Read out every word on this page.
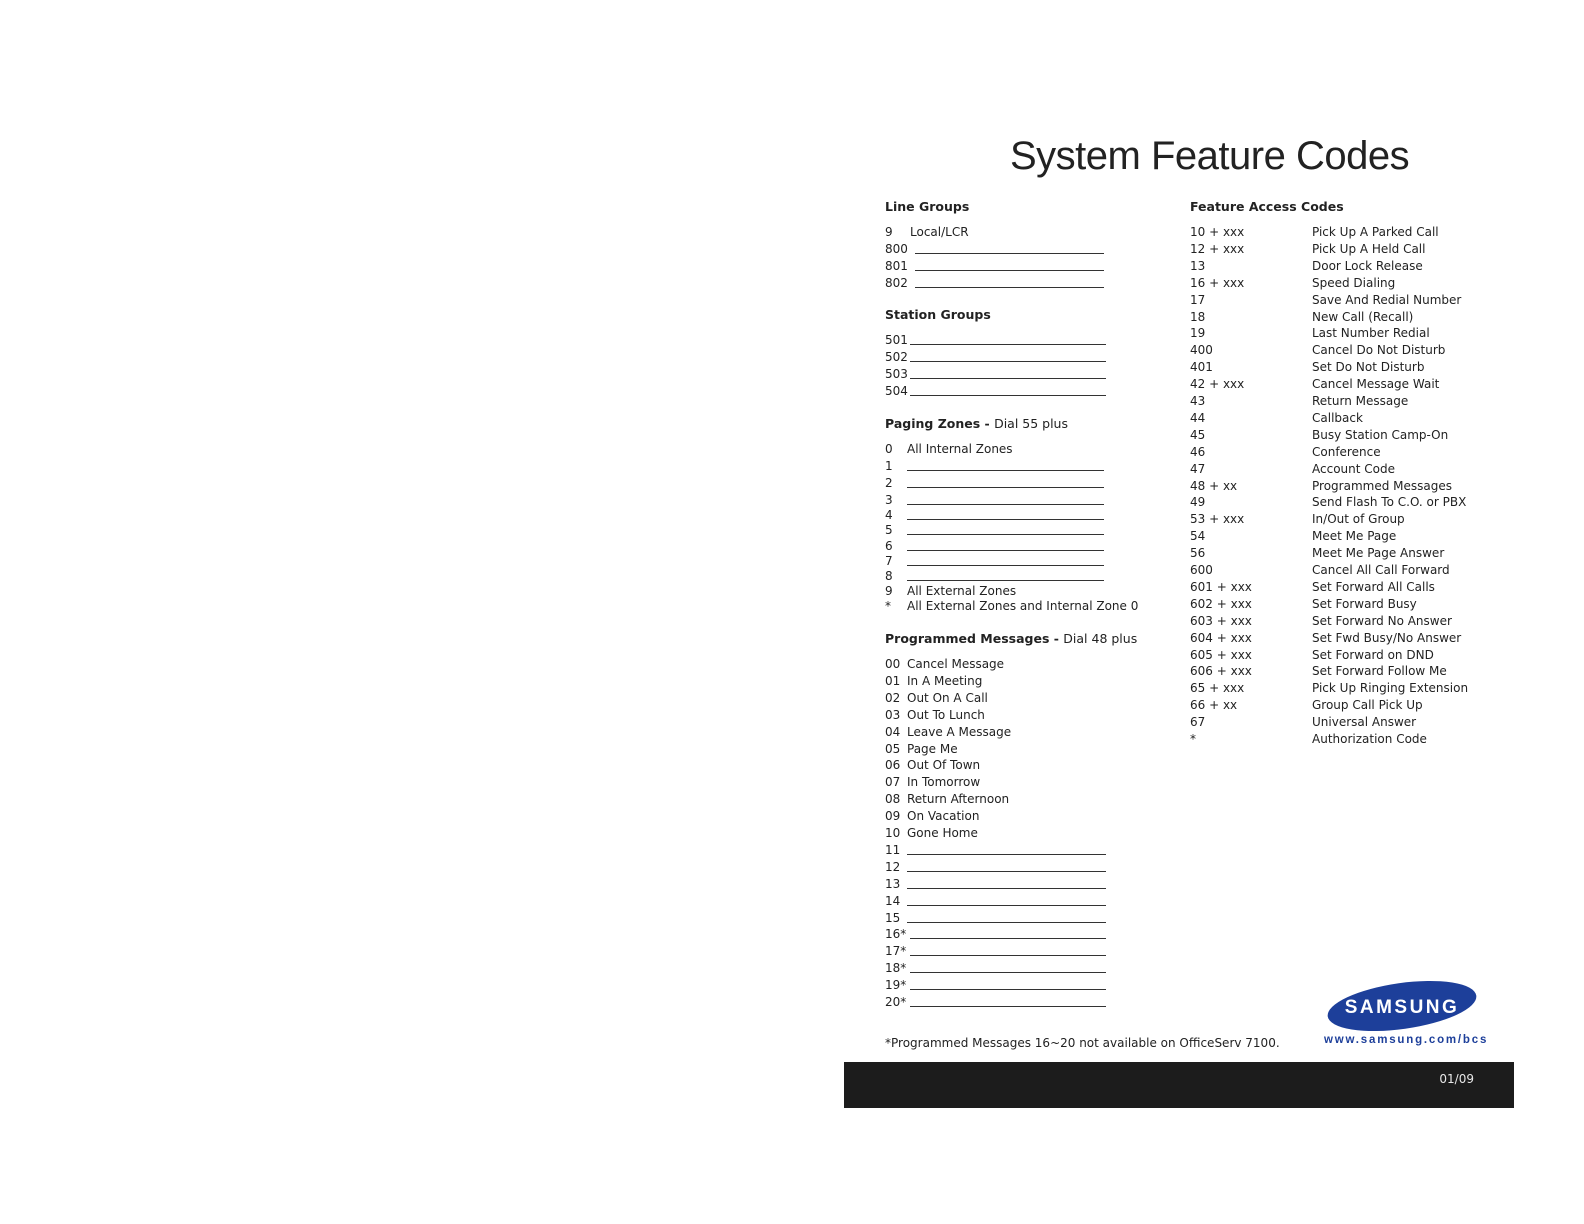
System Feature Codes
Line Groups
9 Local/LCR
800
801
802
Station Groups
501
502
503
504
Paging Zones - Dial 55 plus
0 All Internal Zones
1
2
3
4
5
6
7
8
9 All External Zones
* All External Zones and Internal Zone 0
Programmed Messages - Dial 48 plus
00 Cancel Message
01 In A Meeting
02 Out On A Call
03 Out To Lunch
04 Leave A Message
05 Page Me
06 Out Of Town
07 In Tomorrow
08 Return Afternoon
09 On Vacation
10 Gone Home
11
12
13
14
15
16*
17*
18*
19*
20*
Feature Access Codes
10 + xxx	Pick Up A Parked Call
12 + xxx	Pick Up A Held Call
13	Door Lock Release
16 + xxx	Speed Dialing
17	Save And Redial Number
18	New Call (Recall)
19	Last Number Redial
400	Cancel Do Not Disturb
401	Set Do Not Disturb
42 + xxx	Cancel Message Wait
43	Return Message
44	Callback
45	Busy Station Camp-On
46	Conference
47	Account Code
48 + xx	Programmed Messages
49	Send Flash To C.O. or PBX
53 + xxx	In/Out of Group
54	Meet Me Page
56	Meet Me Page Answer
600	Cancel All Call Forward
601 + xxx	Set Forward All Calls
602 + xxx	Set Forward Busy
603 + xxx	Set Forward No Answer
604 + xxx	Set Fwd Busy/No Answer
605 + xxx	Set Forward on DND
606 + xxx	Set Forward Follow Me
65 + xxx	Pick Up Ringing Extension
66 + xx	Group Call Pick Up
67	Universal Answer
*	Authorization Code
*Programmed Messages 16~20 not available on OfficeServ 7100.
SAMSUNG
www.samsung.com/bcs
01/09
